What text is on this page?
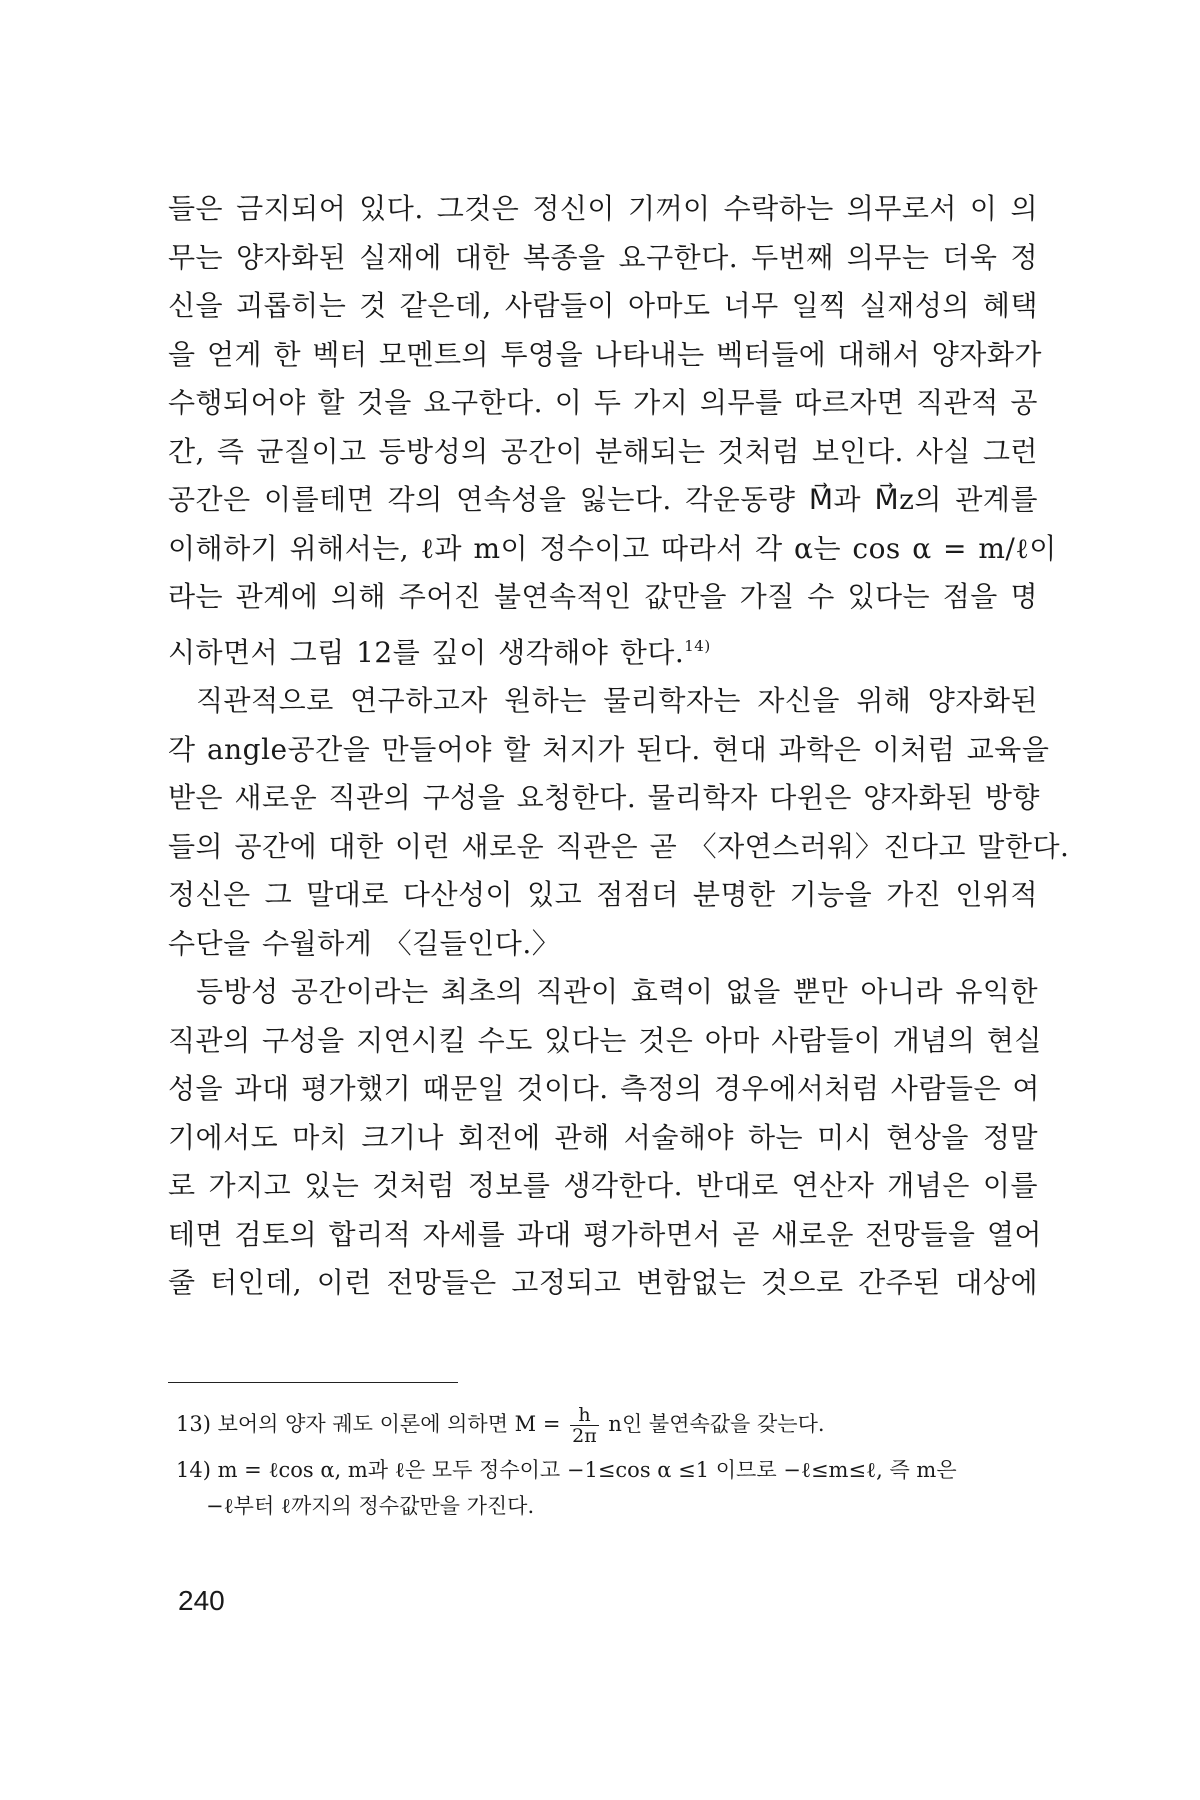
들은 금지되어 있다. 그것은 정신이 기꺼이 수락하는 의무로서 이 의
무는 양자화된 실재에 대한 복종을 요구한다. 두번째 의무는 더욱 정
신을 괴롭히는 것 같은데, 사람들이 아마도 너무 일찍 실재성의 혜택
을 얻게 한 벡터 모멘트의 투영을 나타내는 벡터들에 대해서 양자화가
수행되어야 할 것을 요구한다. 이 두 가지 의무를 따르자면 직관적 공
간, 즉 균질이고 등방성의 공간이 분해되는 것처럼 보인다. 사실 그런
공간은 이를테면 각의 연속성을 잃는다. 각운동량 M⃗과 M⃗z의 관계를
이해하기 위해서는, ℓ과 m이 정수이고 따라서 각 α는 cos α = m/ℓ이
라는 관계에 의해 주어진 불연속적인 값만을 가질 수 있다는 점을 명
시하면서 그림 12를 깊이 생각해야 한다.$^{14)}$
직관적으로 연구하고자 원하는 물리학자는 자신을 위해 양자화된
각 angle공간을 만들어야 할 처지가 된다. 현대 과학은 이처럼 교육을
받은 새로운 직관의 구성을 요청한다. 물리학자 다윈은 양자화된 방향
들의 공간에 대한 이런 새로운 직관은 곧 〈자연스러워〉진다고 말한다.
정신은 그 말대로 다산성이 있고 점점더 분명한 기능을 가진 인위적
수단을 수월하게 〈길들인다.〉
등방성 공간이라는 최초의 직관이 효력이 없을 뿐만 아니라 유익한
직관의 구성을 지연시킬 수도 있다는 것은 아마 사람들이 개념의 현실
성을 과대 평가했기 때문일 것이다. 측정의 경우에서처럼 사람들은 여
기에서도 마치 크기나 회전에 관해 서술해야 하는 미시 현상을 정말
로 가지고 있는 것처럼 정보를 생각한다. 반대로 연산자 개념은 이를
테면 검토의 합리적 자세를 과대 평가하면서 곧 새로운 전망들을 열어
줄 터인데, 이런 전망들은 고정되고 변함없는 것으로 간주된 대상에

13) 보어의 양자 궤도 이론에 의하면 $M = \frac{h}{2\pi}$ n인 불연속값을 갖는다.

14) m = ℓcos α, m과 ℓ은 모두 정수이고 −1≤cos α ≤1 이므로 −ℓ≤m≤ℓ, 즉 m은
−ℓ부터 ℓ까지의 정수값만을 가진다.

240
